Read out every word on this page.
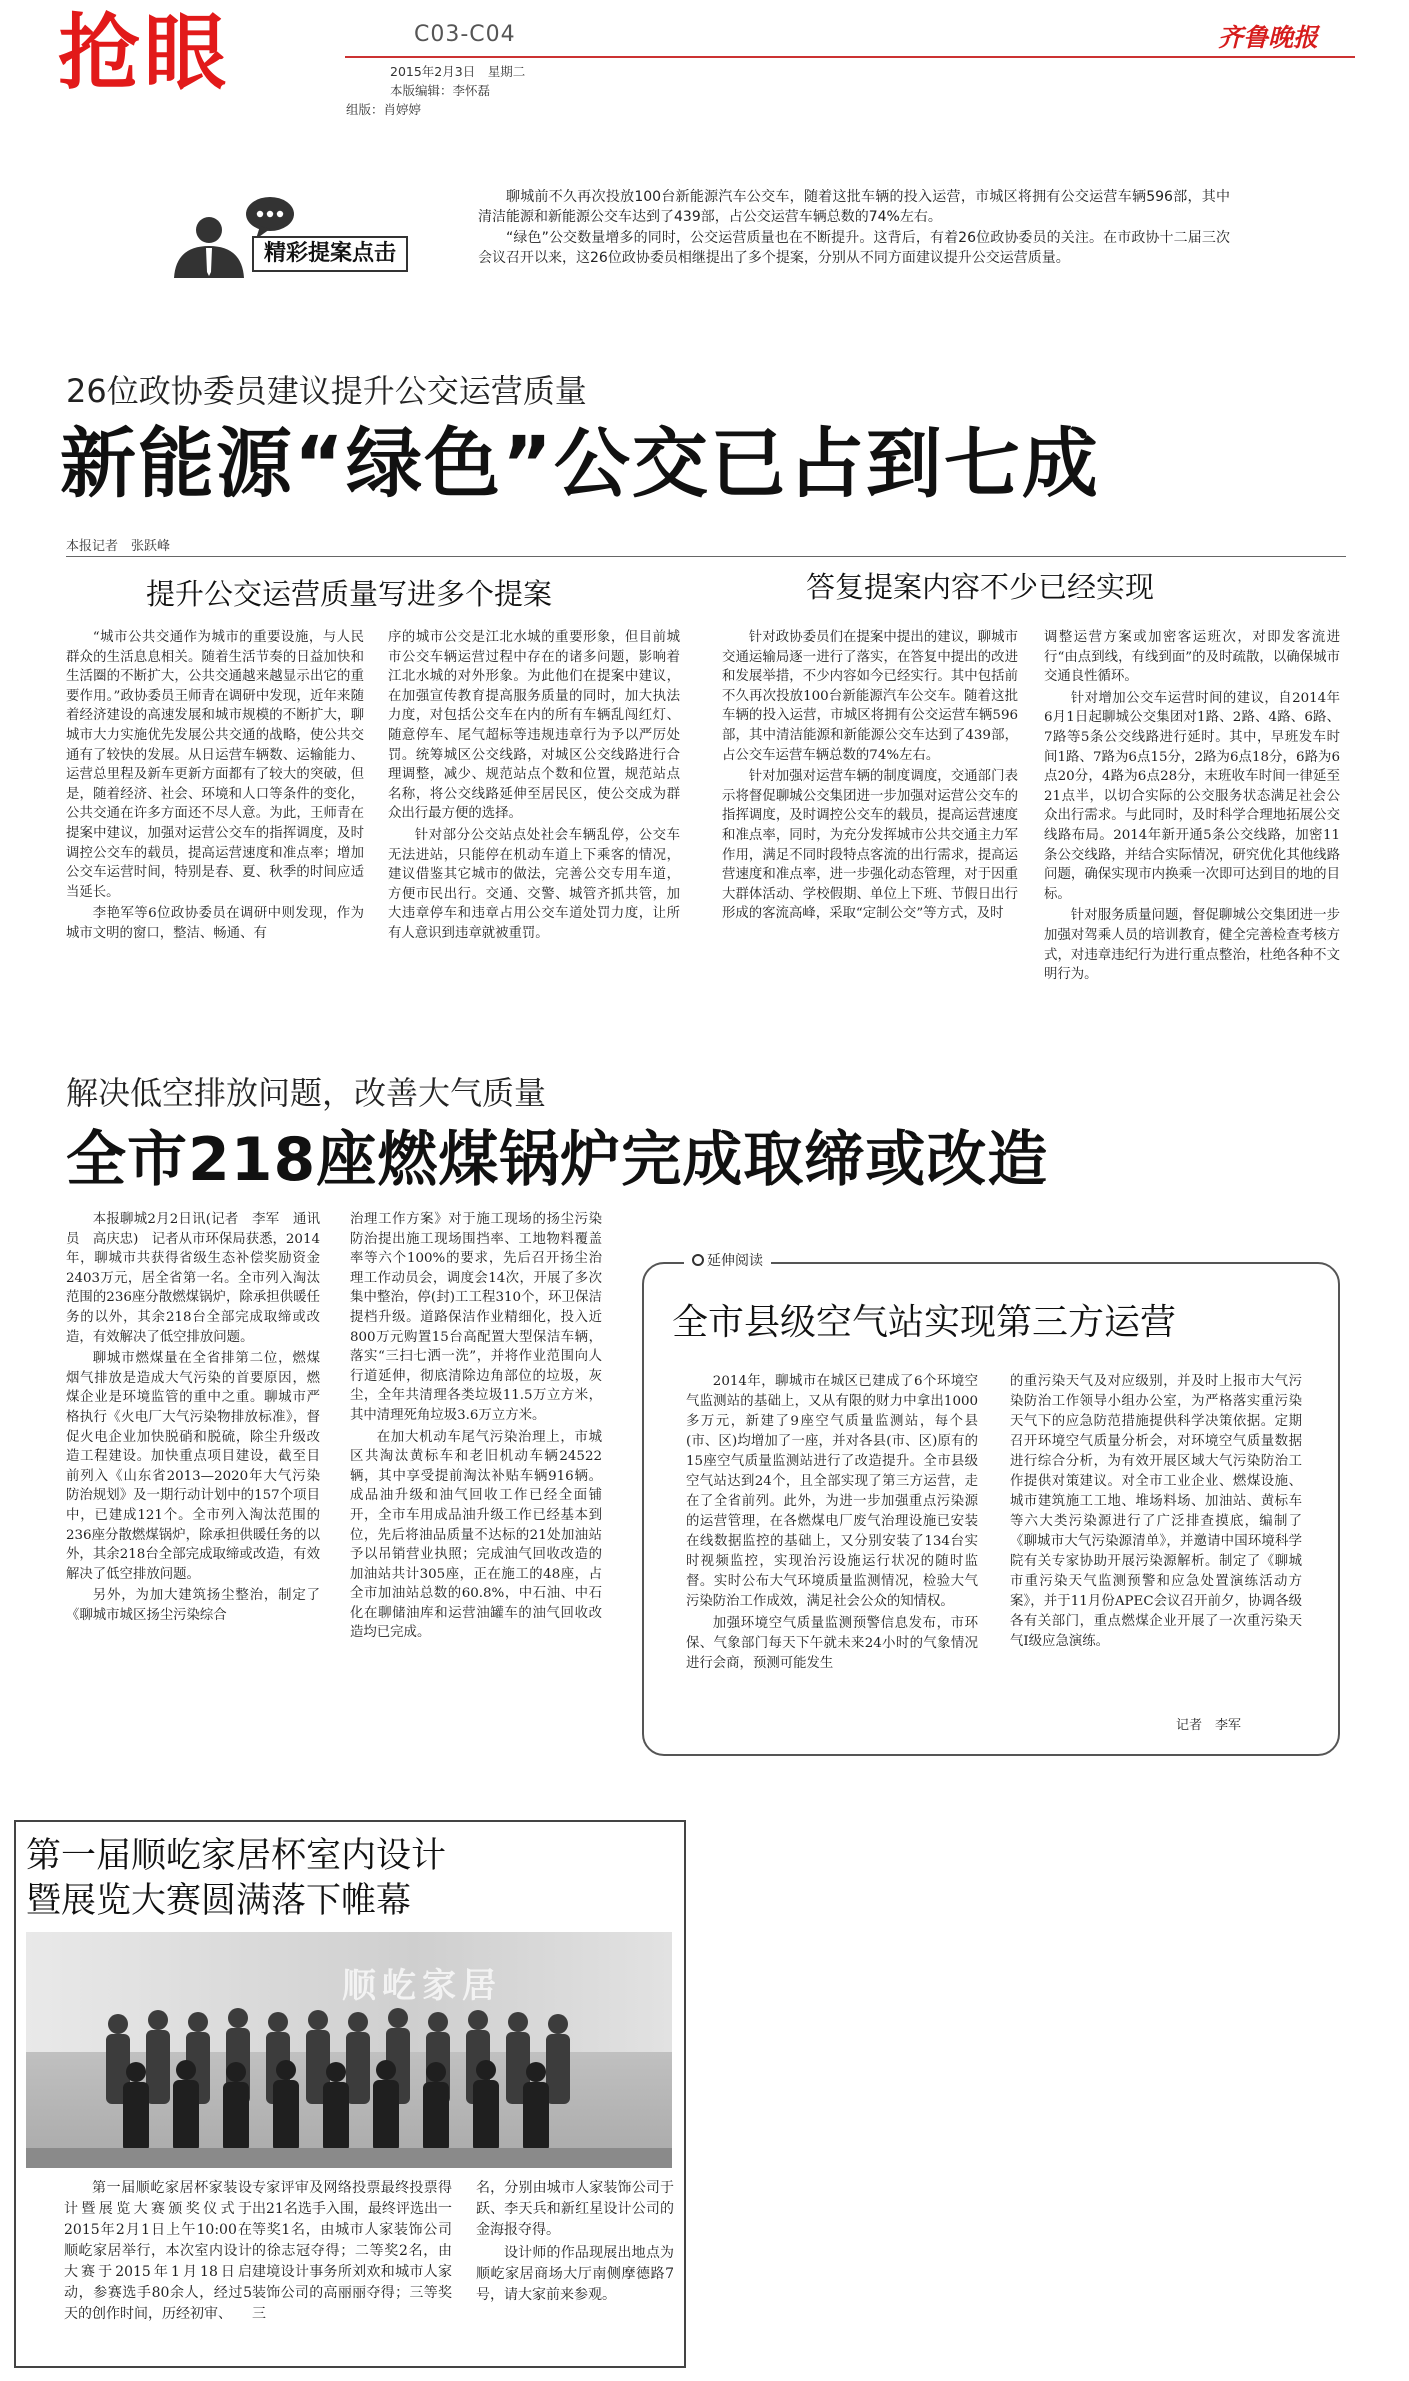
抢眼	C03-C04
2015年2月3日　星期二
本版编辑：李怀磊
组版：肖婷婷
齐鲁晚报
精彩提案点击

聊城前不久再次投放100台新能源汽车公交车，随着这批车辆的投入运营，市城区将拥有公交运营车辆596部，其中清洁能源和新能源公交车达到了439部，占公交运营车辆总数的74%左右。

“绿色”公交数量增多的同时，公交运营质量也在不断提升。这背后，有着26位政协委员的关注。在市政协十二届三次会议召开以来，这26位政协委员相继提出了多个提案，分别从不同方面建议提升公交运营质量。

26位政协委员建议提升公交运营质量
新能源“绿色”公交已占到七成
本报记者　张跃峰
提升公交运营质量写进多个提案	答复提案内容不少已经实现

“城市公共交通作为城市的重要设施，与人民群众的生活息息相关。随着生活节奏的日益加快和生活圈的不断扩大，公共交通越来越显示出它的重要作用。”政协委员王师青在调研中发现，近年来随着经济建设的高速发展和城市规模的不断扩大，聊城市大力实施优先发展公共交通的战略，使公共交通有了较快的发展。从日运营车辆数、运输能力、运营总里程及新车更新方面都有了较大的突破，但是，随着经济、社会、环境和人口等条件的变化，公共交通在许多方面还不尽人意。为此，王师青在提案中建议，加强对运营公交车的指挥调度，及时调控公交车的载员，提高运营速度和准点率；增加公交车运营时间，特别是春、夏、秋季的时间应适当延长。

李艳军等6位政协委员在调研中则发现，作为城市文明的窗口，整洁、畅通、有

序的城市公交是江北水城的重要形象，但目前城市公交车辆运营过程中存在的诸多问题，影响着江北水城的对外形象。为此他们在提案中建议，在加强宣传教育提高服务质量的同时，加大执法力度，对包括公交车在内的所有车辆乱闯红灯、随意停车、尾气超标等违规违章行为予以严厉处罚。统筹城区公交线路，对城区公交线路进行合理调整，减少、规范站点个数和位置，规范站点名称，将公交线路延伸至居民区，使公交成为群众出行最方便的选择。

针对部分公交站点处社会车辆乱停，公交车无法进站，只能停在机动车道上下乘客的情况，建议借鉴其它城市的做法，完善公交专用车道，方便市民出行。交通、交警、城管齐抓共管，加大违章停车和违章占用公交车道处罚力度，让所有人意识到违章就被重罚。

针对政协委员们在提案中提出的建议，聊城市交通运输局逐一进行了落实，在答复中提出的改进和发展举措，不少内容如今已经实行。其中包括前不久再次投放100台新能源汽车公交车。随着这批车辆的投入运营，市城区将拥有公交运营车辆596部，其中清洁能源和新能源公交车达到了439部，占公交车运营车辆总数的74%左右。

针对加强对运营车辆的制度调度，交通部门表示将督促聊城公交集团进一步加强对运营公交车的指挥调度，及时调控公交车的载员，提高运营速度和准点率，同时，为充分发挥城市公共交通主力军作用，满足不同时段特点客流的出行需求，提高运营速度和准点率，进一步强化动态管理，对于因重大群体活动、学校假期、单位上下班、节假日出行形成的客流高峰，采取“定制公交”等方式，及时

调整运营方案或加密客运班次，对即发客流进行“由点到线，有线到面”的及时疏散，以确保城市交通良性循环。

针对增加公交车运营时间的建议，自2014年6月1日起聊城公交集团对1路、2路、4路、6路、7路等5条公交线路进行延时。其中，早班发车时间1路、7路为6点15分，2路为6点18分，6路为6点20分，4路为6点28分，末班收车时间一律延至21点半，以切合实际的公交服务状态满足社会公众出行需求。与此同时，及时科学合理地拓展公交线路布局。2014年新开通5条公交线路，加密11条公交线路，并结合实际情况，研究优化其他线路问题，确保实现市内换乘一次即可达到目的地的目标。

针对服务质量问题，督促聊城公交集团进一步加强对驾乘人员的培训教育，健全完善检查考核方式，对违章违纪行为进行重点整治，杜绝各种不文明行为。

解决低空排放问题，改善大气质量
全市218座燃煤锅炉完成取缔或改造

本报聊城2月2日讯(记者　李军　通讯员　高庆忠)　记者从市环保局获悉，2014年，聊城市共获得省级生态补偿奖励资金2403万元，居全省第一名。全市列入淘汰范围的236座分散燃煤锅炉，除承担供暖任务的以外，其余218台全部完成取缔或改造，有效解决了低空排放问题。

聊城市燃煤量在全省排第二位，燃煤烟气排放是造成大气污染的首要原因，燃煤企业是环境监管的重中之重。聊城市严格执行《火电厂大气污染物排放标准》，督促火电企业加快脱硝和脱硫，除尘升级改造工程建设。加快重点项目建设，截至目前列入《山东省2013—2020年大气污染防治规划》及一期行动计划中的157个项目中，已建成121个。全市列入淘汰范围的236座分散燃煤锅炉，除承担供暖任务的以外，其余218台全部完成取缔或改造，有效解决了低空排放问题。

另外，为加大建筑扬尘整治，制定了《聊城市城区扬尘污染综合

治理工作方案》对于施工现场的扬尘污染防治提出施工现场围挡率、工地物料覆盖率等六个100%的要求，先后召开扬尘治理工作动员会，调度会14次，开展了多次集中整治，停(封)工工程310个，环卫保洁提档升级。道路保洁作业精细化，投入近800万元购置15台高配置大型保洁车辆，落实“三扫七洒一洗”，并将作业范围向人行道延伸，彻底清除边角部位的垃圾，灰尘，全年共清理各类垃圾11.5万立方米，其中清理死角垃圾3.6万立方米。

在加大机动车尾气污染治理上，市城区共淘汰黄标车和老旧机动车辆24522辆，其中享受提前淘汰补贴车辆916辆。成品油升级和油气回收工作已经全面铺开，全市车用成品油升级工作已经基本到位，先后将油品质量不达标的21处加油站予以吊销营业执照；完成油气回收改造的加油站共计305座，正在施工的48座，占全市加油站总数的60.8%，中石油、中石化在聊储油库和运营油罐车的油气回收改造均已完成。

延伸阅读
全市县级空气站实现第三方运营

2014年，聊城市在城区已建成了6个环境空气监测站的基础上，又从有限的财力中拿出1000多万元，新建了9座空气质量监测站，每个县(市、区)均增加了一座，并对各县(市、区)原有的15座空气质量监测站进行了改造提升。全市县级空气站达到24个，且全部实现了第三方运营，走在了全省前列。此外，为进一步加强重点污染源的运营管理，在各燃煤电厂废气治理设施已安装在线数据监控的基础上，又分别安装了134台实时视频监控，实现治污设施运行状况的随时监督。实时公布大气环境质量监测情况，检验大气污染防治工作成效，满足社会公众的知情权。

加强环境空气质量监测预警信息发布，市环保、气象部门每天下午就未来24小时的气象情况进行会商，预测可能发生

的重污染天气及对应级别，并及时上报市大气污染防治工作领导小组办公室，为严格落实重污染天气下的应急防范措施提供科学决策依据。定期召开环境空气质量分析会，对环境空气质量数据进行综合分析，为有效开展区域大气污染防治工作提供对策建议。对全市工业企业、燃煤设施、城市建筑施工工地、堆场料场、加油站、黄标车等六大类污染源进行了广泛排查摸底，编制了《聊城市大气污染源清单》，并邀请中国环境科学院有关专家协助开展污染源解析。制定了《聊城市重污染天气监测预警和应急处置演练活动方案》，并于11月份APEC会议召开前夕，协调各级各有关部门，重点燃煤企业开展了一次重污染天气I级应急演练。

记者　李军
第一届顺屹家居杯室内设计
暨展览大赛圆满落下帷幕
顺屹家居

第一届顺屹家居杯家装设计暨展览大赛颁奖仪式于2015年2月1日上午10:00在顺屹家居举行，本次室内设计大赛于2015年1月18日启动，参赛选手80余人，经过5天的创作时间，历经初审、

专家评审及网络投票最终投票得出21名选手入围，最终评选出一等奖1名，由城市人家装饰公司的徐志冠夺得；二等奖2名，由建境设计事务所刘欢和城市人家装饰公司的高丽丽夺得；三等奖三

名，分别由城市人家装饰公司于跃、李天兵和新红星设计公司的金海报夺得。

设计师的作品现展出地点为顺屹家居商场大厅南侧摩德路7号，请大家前来参观。
